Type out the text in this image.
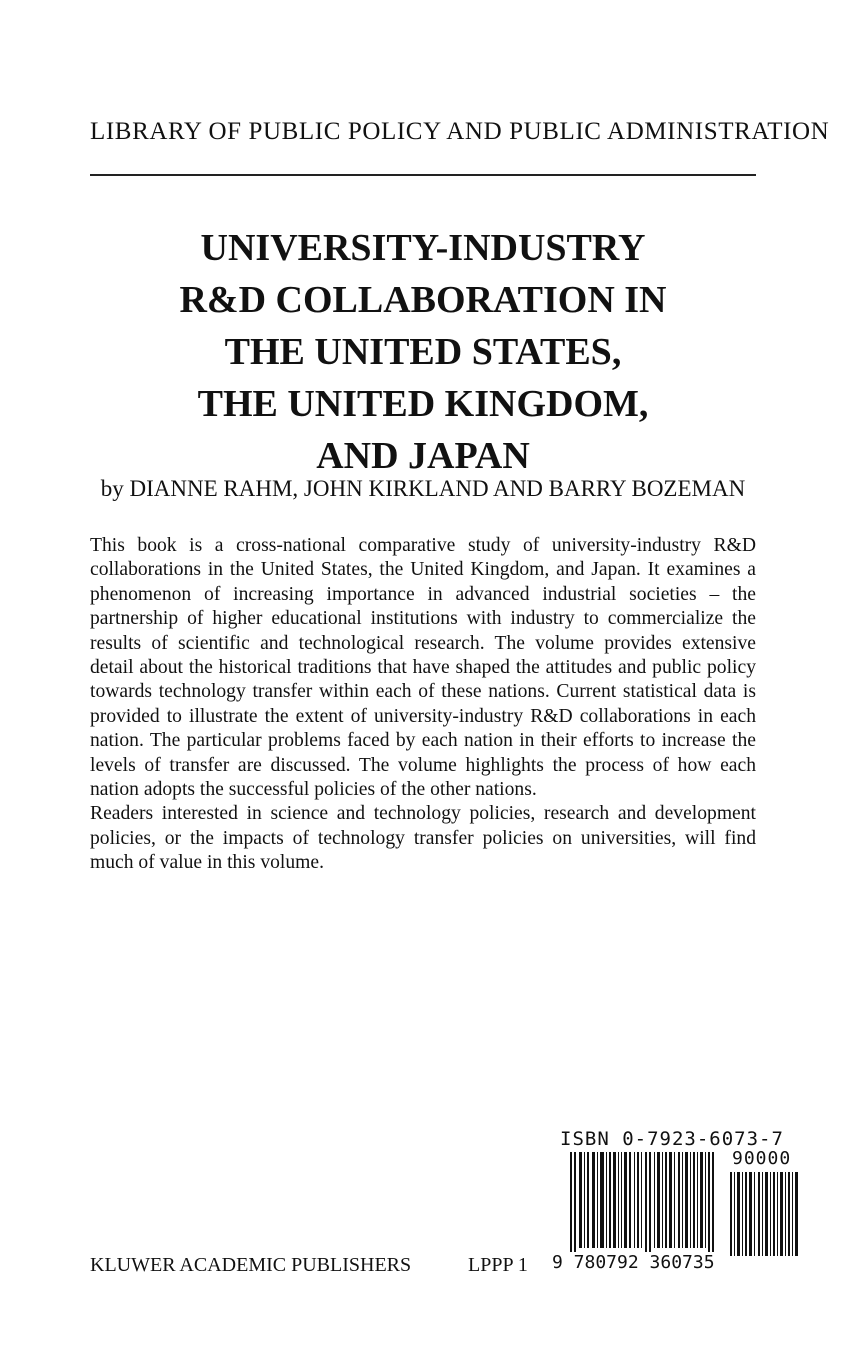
LIBRARY OF PUBLIC POLICY AND PUBLIC ADMINISTRATION
UNIVERSITY-INDUSTRY
R&D COLLABORATION IN
THE UNITED STATES,
THE UNITED KINGDOM,
AND JAPAN
by DIANNE RAHM, JOHN KIRKLAND AND BARRY BOZEMAN

This book is a cross-national comparative study of university-industry R&D collaborations in the United States, the United Kingdom, and Japan. It examines a phenomenon of increasing importance in advanced industrial societies – the partnership of higher educational institutions with industry to commercialize the results of scientific and technological research. The volume provides extensive detail about the historical traditions that have shaped the attitudes and public policy towards technology transfer within each of these nations. Current statistical data is provided to illustrate the extent of university-industry R&D collaborations in each nation. The particular problems faced by each nation in their efforts to increase the levels of transfer are discussed. The volume highlights the process of how each nation adopts the successful policies of the other nations.

Readers interested in science and technology policies, research and development policies, or the impacts of technology transfer policies on universities, will find much of value in this volume.

ISBN 0-7923-6073-7
90000
9 780792 360735
KLUWER ACADEMIC PUBLISHERS	LPPP 1
